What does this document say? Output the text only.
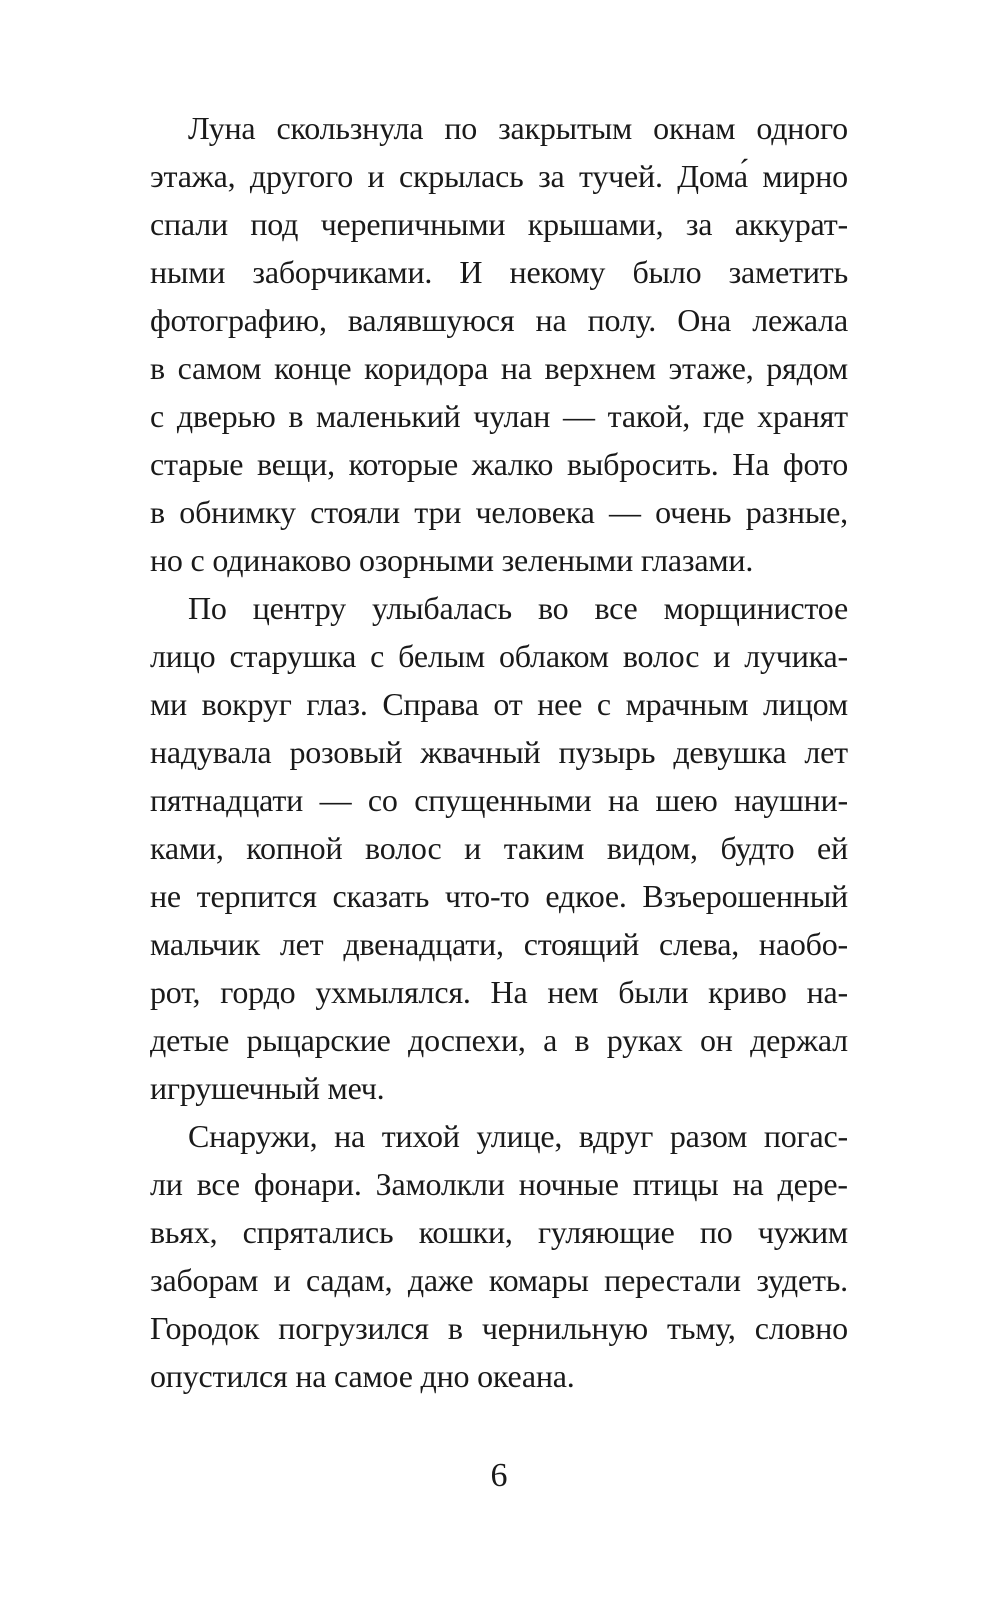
Луна скользнула по закрытым окнам одного
этажа, другого и скрылась за тучей. Дома́ мирно
спали под черепичными крышами, за аккурат-
ными заборчиками. И некому было заметить
фотографию, валявшуюся на полу. Она лежала
в самом конце коридора на верхнем этаже, рядом
с дверью в маленький чулан — такой, где хранят
старые вещи, которые жалко выбросить. На фото
в обнимку стояли три человека — очень разные,
но с одинаково озорными зелеными глазами.
По центру улыбалась во все морщинистое
лицо старушка с белым облаком волос и лучика-
ми вокруг глаз. Справа от нее с мрачным лицом
надувала розовый жвачный пузырь девушка лет
пятнадцати — со спущенными на шею наушни-
ками, копной волос и таким видом, будто ей
не терпится сказать что-то едкое. Взъерошенный
мальчик лет двенадцати, стоящий слева, наобо-
рот, гордо ухмылялся. На нем были криво на-
детые рыцарские доспехи, а в руках он держал
игрушечный меч.
Снаружи, на тихой улице, вдруг разом погас-
ли все фонари. Замолкли ночные птицы на дере-
вьях, спрятались кошки, гуляющие по чужим
заборам и садам, даже комары перестали зудеть.
Городок погрузился в чернильную тьму, словно
опустился на самое дно океана.
6
